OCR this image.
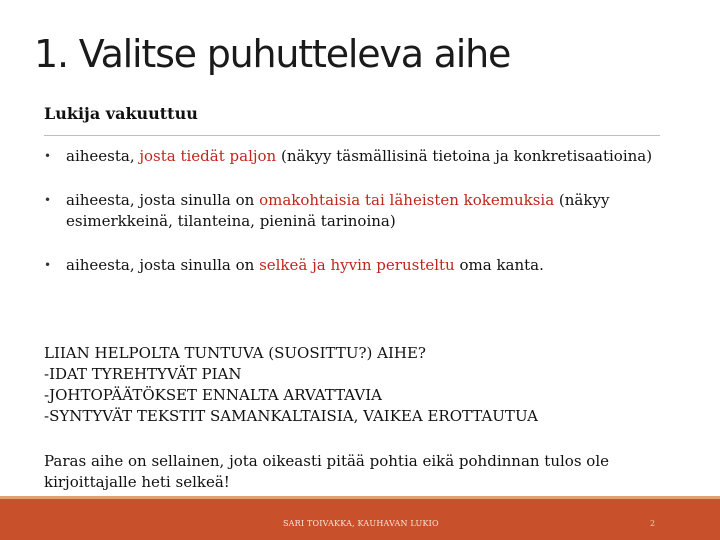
1. Valitse puhutteleva aihe
Lukija vakuuttuu
• aiheesta, josta tiedät paljon (näkyy täsmällisinä tietoina ja konkretisaatioina)
• aiheesta, josta sinulla on omakohtaisia tai läheisten kokemuksia (näkyy esimerkkeinä, tilanteina, pieninä tarinoina)
• aiheesta, josta sinulla on selkeä ja hyvin perusteltu oma kanta.
LIIAN HELPOLTA TUNTUVA (SUOSITTU?) AIHE?
-IDAT TYREHTYVÄT PIAN
-JOHTOPÄÄTÖKSET ENNALTA ARVATTAVIA
-SYNTYVÄT TEKSTIT SAMANKALTAISIA, VAIKEA EROTTAUTUA
Paras aihe on sellainen, jota oikeasti pitää pohtia eikä pohdinnan tulos ole kirjoittajalle heti selkeä!
SARI TOIVAKKA, KAUHAVAN LUKIO	2
